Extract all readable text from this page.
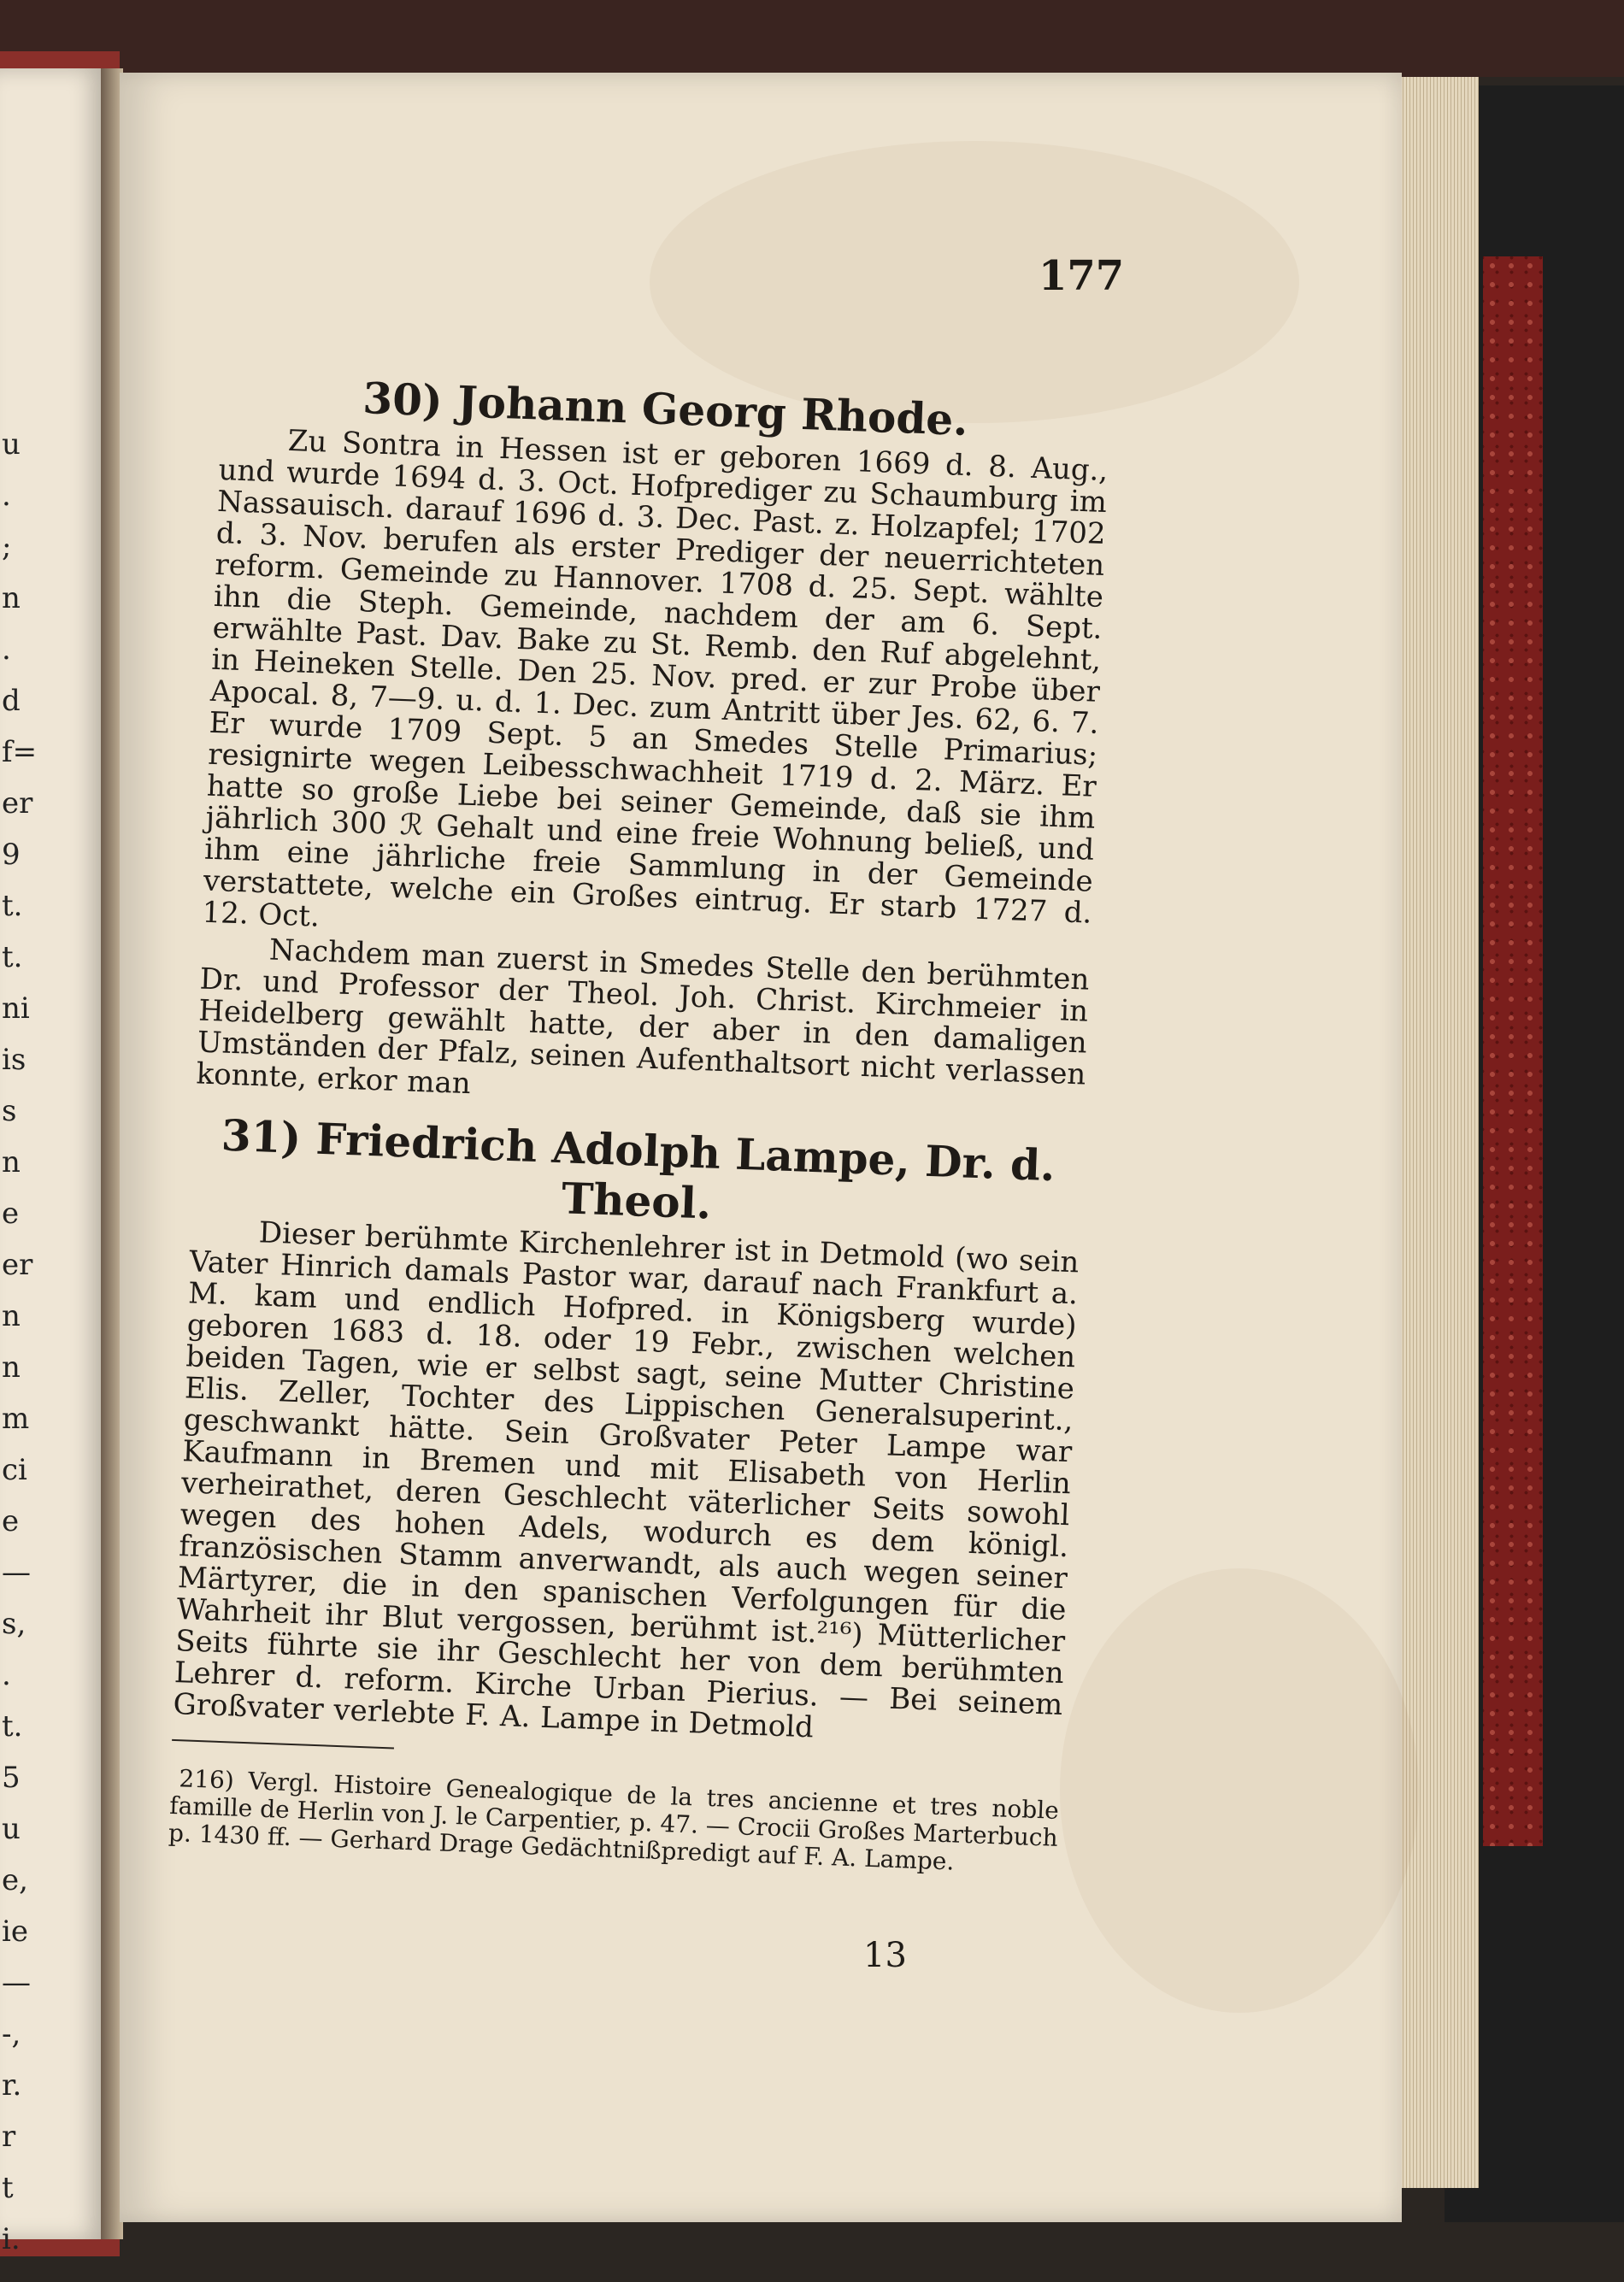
u
.
;
n
.
d
f=
er
9
t.
t.
ni
is
s
n
e
er
n
n
m
ci
e
—
s,
.
t.
5
u
e,
ie
—
-,
r.
r
t
i.
177
30) Johann Georg Rhode.

Zu Sontra in Hessen ist er geboren 1669 d. 8. Aug., und wurde 1694 d. 3. Oct. Hofprediger zu Schaumburg im Nassauisch. darauf 1696 d. 3. Dec. Past. z. Holzapfel; 1702 d. 3. Nov. berufen als erster Prediger der neuerrichteten reform. Gemeinde zu Hannover. 1708 d. 25. Sept. wählte ihn die Steph. Gemeinde, nachdem der am 6. Sept. erwählte Past. Dav. Bake zu St. Remb. den Ruf abgelehnt, in Heineken Stelle. Den 25. Nov. pred. er zur Probe über Apocal. 8, 7—9. u. d. 1. Dec. zum Antritt über Jes. 62, 6. 7. Er wurde 1709 Sept. 5 an Smedes Stelle Primarius; resignirte wegen Leibesschwachheit 1719 d. 2. März. Er hatte so große Liebe bei seiner Gemeinde, daß sie ihm jährlich 300 ℛ Gehalt und eine freie Wohnung beließ, und ihm eine jährliche freie Sammlung in der Gemeinde verstattete, welche ein Großes eintrug. Er starb 1727 d. 12. Oct.

Nachdem man zuerst in Smedes Stelle den berühmten Dr. und Professor der Theol. Joh. Christ. Kirchmeier in Heidelberg gewählt hatte, der aber in den damaligen Umständen der Pfalz, seinen Aufenthaltsort nicht verlassen konnte, erkor man

31) Friedrich Adolph Lampe, Dr. d. Theol.

Dieser berühmte Kirchenlehrer ist in Detmold (wo sein Vater Hinrich damals Pastor war, darauf nach Frankfurt a. M. kam und endlich Hofpred. in Königsberg wurde) geboren 1683 d. 18. oder 19 Febr., zwischen welchen beiden Tagen, wie er selbst sagt, seine Mutter Christine Elis. Zeller, Tochter des Lippischen Generalsuperint., geschwankt hätte. Sein Großvater Peter Lampe war Kaufmann in Bremen und mit Elisabeth von Herlin verheirathet, deren Geschlecht väterlicher Seits sowohl wegen des hohen Adels, wodurch es dem königl. französischen Stamm anverwandt, als auch wegen seiner Märtyrer, die in den spanischen Verfolgungen für die Wahrheit ihr Blut vergossen, berühmt ist.²¹⁶) Mütterlicher Seits führte sie ihr Geschlecht her von dem berühmten Lehrer d. reform. Kirche Urban Pierius. — Bei seinem Großvater verlebte F. A. Lampe in Detmold

216) Vergl. Histoire Genealogique de la tres ancienne et tres noble famille de Herlin von J. le Carpentier, p. 47. — Crocii Großes Marterbuch p. 1430 ff. — Gerhard Drage Gedächtnißpredigt auf F. A. Lampe.

13
